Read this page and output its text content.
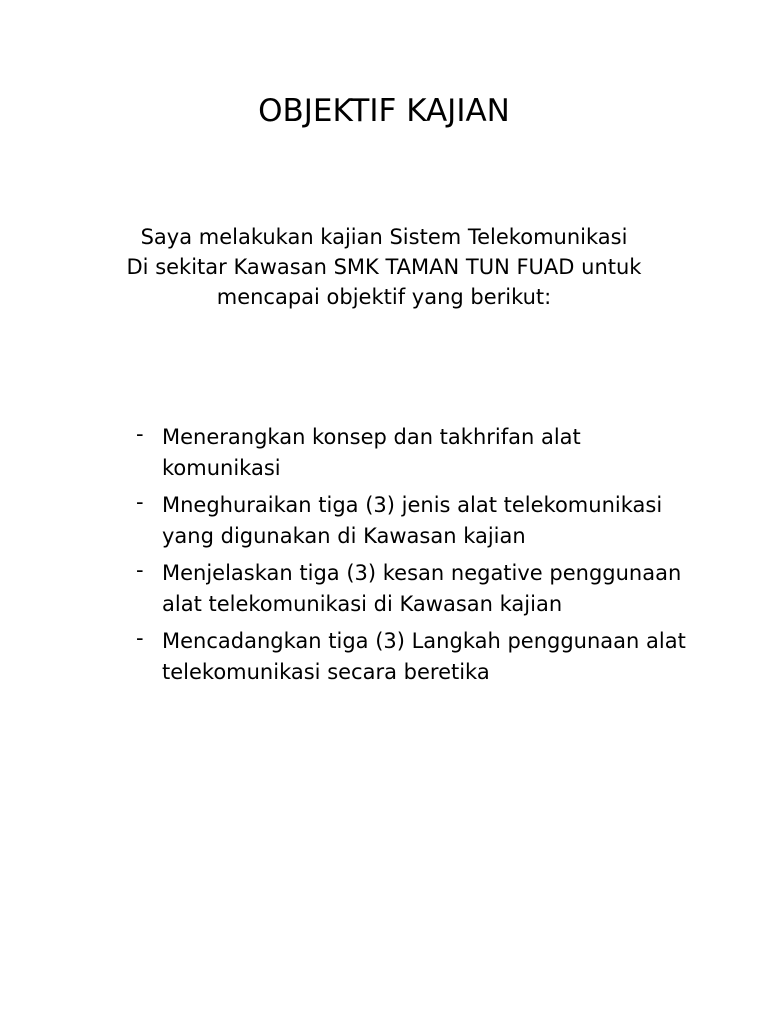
OBJEKTIF KAJIAN
Saya melakukan kajian Sistem Telekomunikasi
Di sekitar Kawasan SMK TAMAN TUN FUAD untuk
mencapai objektif yang berikut:
- Menerangkan konsep dan takhrifan alat
komunikasi
- Mneghuraikan tiga (3) jenis alat telekomunikasi
yang digunakan di Kawasan kajian
- Menjelaskan tiga (3) kesan negative penggunaan
alat telekomunikasi di Kawasan kajian
- Mencadangkan tiga (3) Langkah penggunaan alat
telekomunikasi secara beretika
